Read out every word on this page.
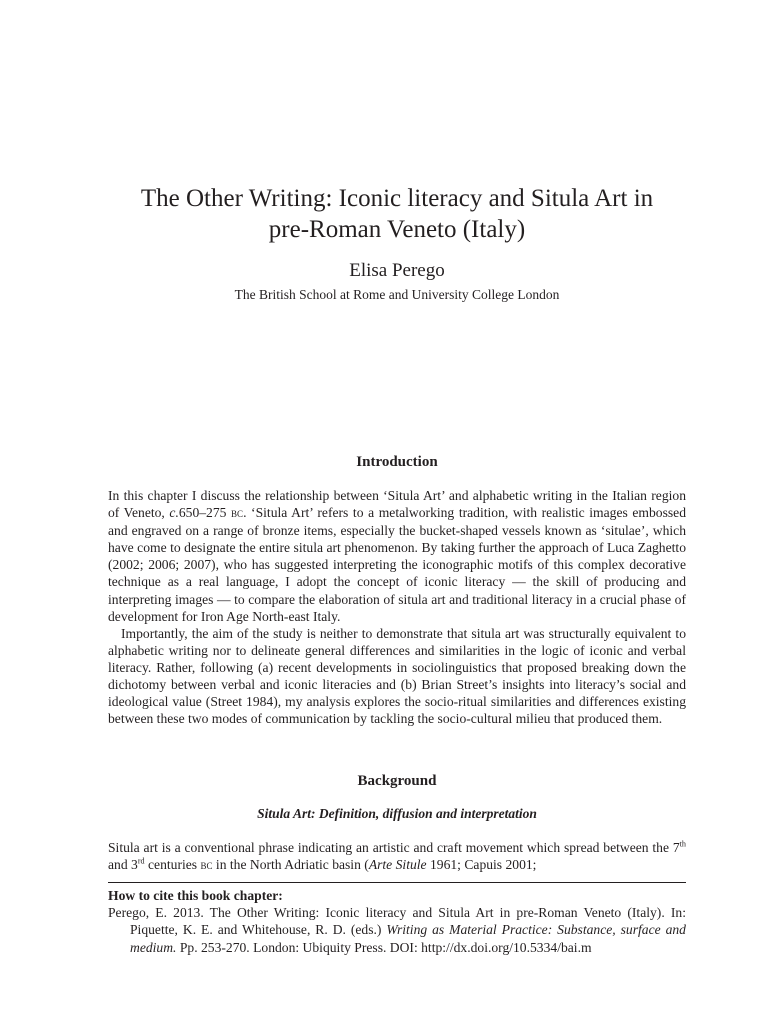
The Other Writing: Iconic literacy and Situla Art in
pre-Roman Veneto (Italy)
Elisa Perego
The British School at Rome and University College London
Introduction

In this chapter I discuss the relationship between ‘Situla Art’ and alphabetic writing in the Italian region of Veneto, c.650–275 bc. ‘Situla Art’ refers to a metalworking tradition, with realistic images embossed and engraved on a range of bronze items, especially the bucket-shaped vessels known as ‘situlae’, which have come to designate the entire situla art phenomenon. By taking further the approach of Luca Zaghetto (2002; 2006; 2007), who has suggested interpreting the iconographic motifs of this complex decorative technique as a real language, I adopt the concept of iconic literacy — the skill of producing and interpreting images — to compare the elaboration of situla art and traditional literacy in a crucial phase of development for Iron Age North-east Italy.

Importantly, the aim of the study is neither to demonstrate that situla art was structurally equivalent to alphabetic writing nor to delineate general differences and similarities in the logic of iconic and verbal literacy. Rather, following (a) recent developments in sociolinguistics that proposed breaking down the dichotomy between verbal and iconic literacies and (b) Brian Street’s insights into literacy’s social and ideological value (Street 1984), my analysis explores the socio-ritual similarities and differences existing between these two modes of communication by tackling the socio-cultural milieu that produced them.

Background
Situla Art: Definition, diffusion and interpretation

Situla art is a conventional phrase indicating an artistic and craft movement which spread between the 7th and 3rd centuries bc in the North Adriatic basin (Arte Situle 1961; Capuis 2001;

How to cite this book chapter:
Perego, E. 2013. The Other Writing: Iconic literacy and Situla Art in pre-Roman Veneto (Italy). In: Piquette, K. E. and Whitehouse, R. D. (eds.) Writing as Material Practice: Substance, surface and medium. Pp. 253-270. London: Ubiquity Press. DOI: http://dx.doi.org/10.5334/bai.m
